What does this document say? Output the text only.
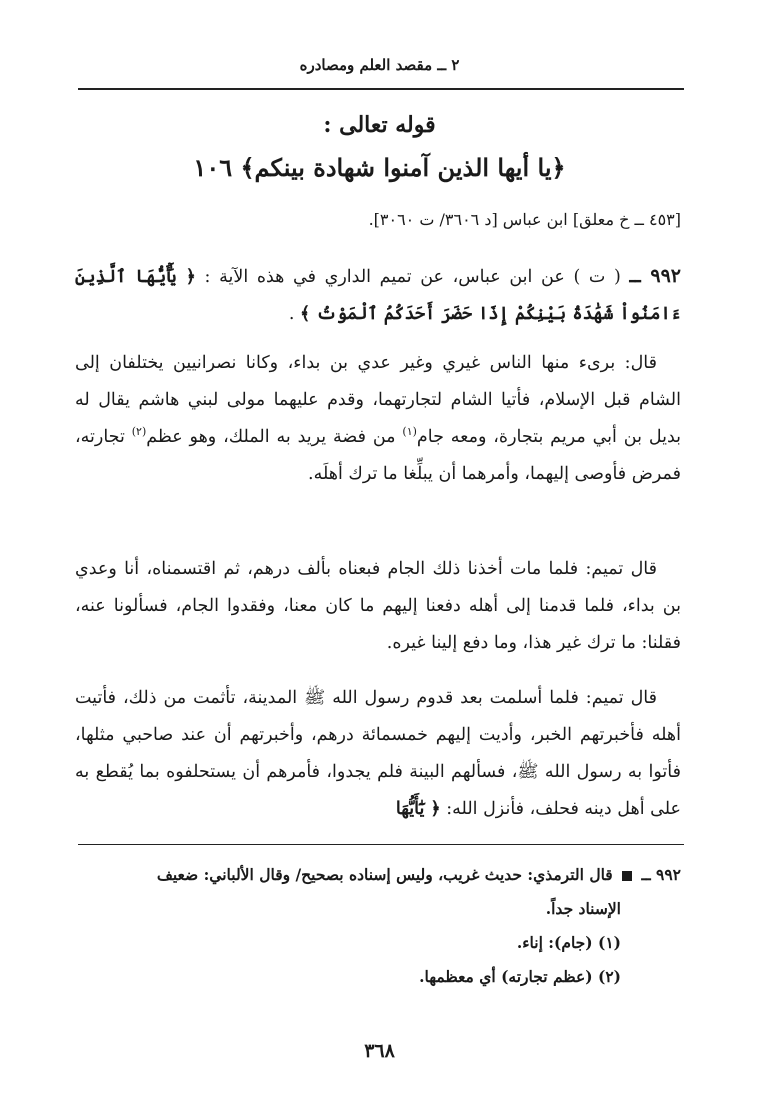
٢ ــ مقصد العلم ومصادره
قوله تعالى :
﴿يا أيها الذين آمنوا شهادة بينكم﴾ ١٠٦
[٤٥٣ ــ خ معلق] ابن عباس [د ٣٦٠٦/ ت ٣٠٦٠].
٩٩٢ ــ ( ت ) عن ابن عباس، عن تميم الداري في هذه الآية : ﴿ يَٰٓأَيُّهَا ٱلَّذِينَ ءَامَنُواْ شَهَٰدَةُ بَيْنِكُمْ إِذَا حَضَرَ أَحَدَكُمُ ٱلْمَوْتُ ﴾ .
قال: برىء منها الناس غيري وغير عدي بن بداء، وكانا نصرانيين يختلفان إلى الشام قبل الإسلام، فأتيا الشام لتجارتهما، وقدم عليهما مولى لبني هاشم يقال له بديل بن أبي مريم بتجارة، ومعه جام$^{(١)}$ من فضة يريد به الملك، وهو عظم$^{(٢)}$ تجارته، فمرض فأوصى إليهما، وأمرهما أن يبلِّغا ما ترك أهلَه.
قال تميم: فلما مات أخذنا ذلك الجام فبعناه بألف درهم، ثم اقتسمناه، أنا وعدي بن بداء، فلما قدمنا إلى أهله دفعنا إليهم ما كان معنا، وفقدوا الجام، فسألونا عنه، فقلنا: ما ترك غير هذا، وما دفع إلينا غيره.
قال تميم: فلما أسلمت بعد قدوم رسول الله ﷺ المدينة، تأثمت من ذلك، فأتيت أهله فأخبرتهم الخبر، وأديت إليهم خمسمائة درهم، وأخبرتهم أن عند صاحبي مثلها، فأتوا به رسول الله ﷺ، فسألهم البينة فلم يجدوا، فأمرهم أن يستحلفوه بما يُقطع به على أهل دينه فحلف، فأنزل الله: ﴿ يَٰٓأَيُّهَا
٩٩٢ ــ  قال الترمذي: حديث غريب، وليس إسناده بصحيح/ وقال الألباني: ضعيف
الإسناد جداً.
(١) (جام): إناء.
(٢) (عظم تجارته) أي معظمها.
٣٦٨
